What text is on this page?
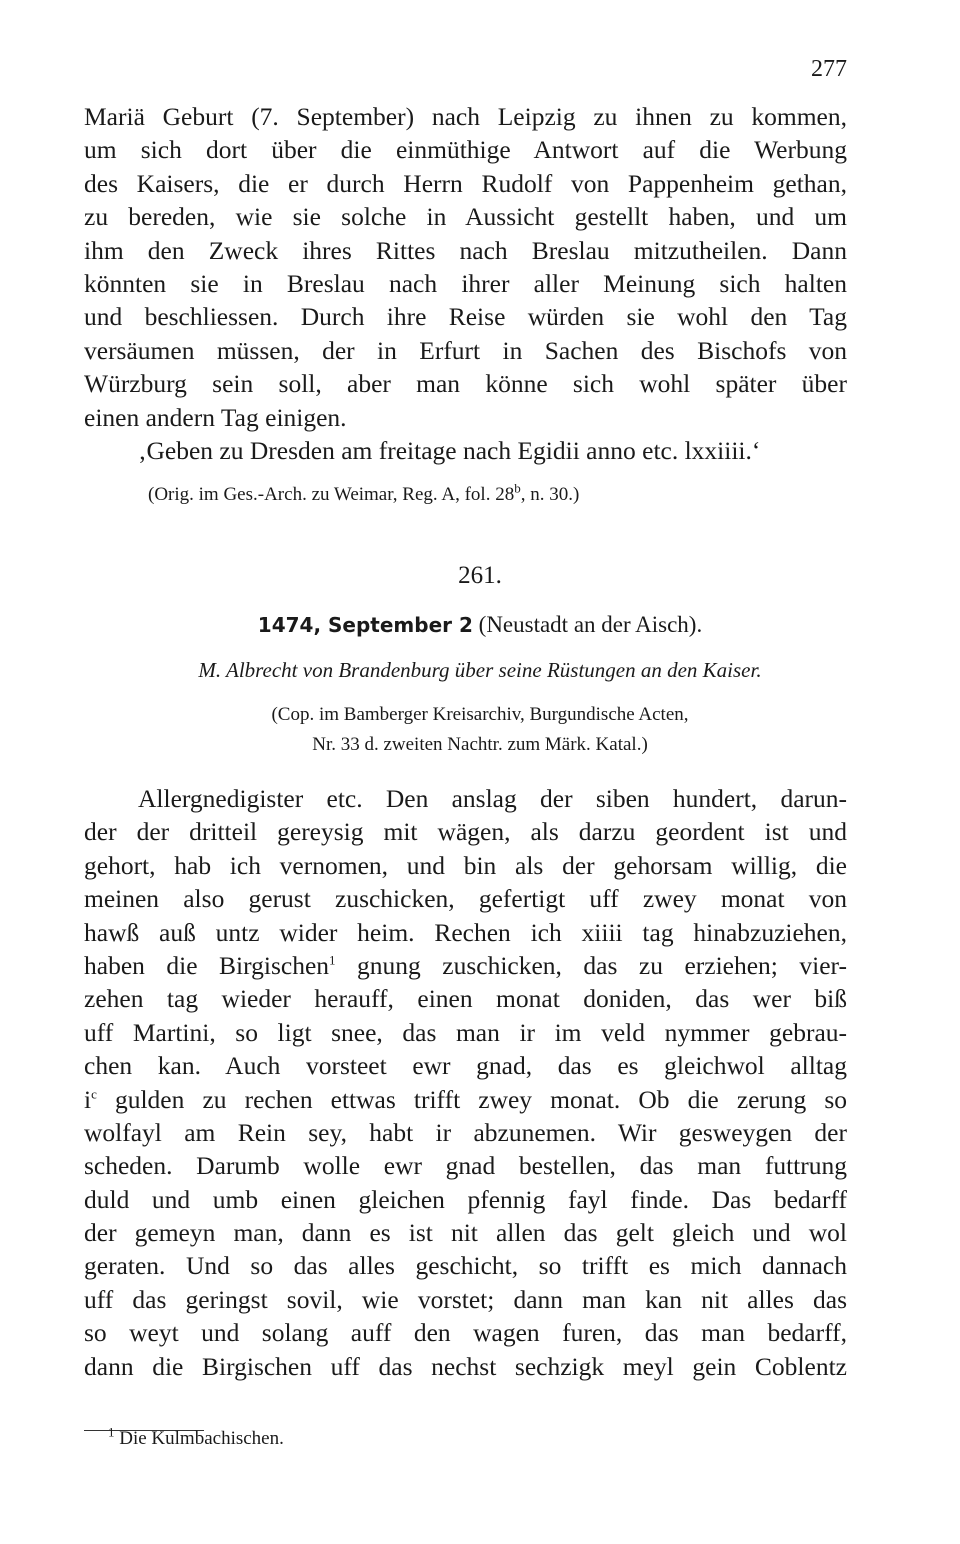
277
Mariä Geburt (7. September) nach Leipzig zu ihnen zu kommen,
um sich dort über die einmüthige Antwort auf die Werbung
des Kaisers, die er durch Herrn Rudolf von Pappenheim gethan,
zu bereden, wie sie solche in Aussicht gestellt haben, und um
ihm den Zweck ihres Rittes nach Breslau mitzutheilen. Dann
könnten sie in Breslau nach ihrer aller Meinung sich halten
und beschliessen. Durch ihre Reise würden sie wohl den Tag
versäumen müssen, der in Erfurt in Sachen des Bischofs von
Würzburg sein soll, aber man könne sich wohl später über
einen andern Tag einigen.
‚Geben zu Dresden am freitage nach Egidii anno etc. lxxiiii.‘
(Orig. im Ges.-Arch. zu Weimar, Reg. A, fol. 28$^b$, n. 30.)
261.
1474, September 2 (Neustadt an der Aisch).
M. Albrecht von Brandenburg über seine Rüstungen an den Kaiser.
(Cop. im Bamberger Kreisarchiv, Burgundische Acten,
Nr. 33 d. zweiten Nachtr. zum Märk. Katal.)
Allergnedigister etc. Den anslag der siben hundert, darun-
der der dritteil gereysig mit wägen, als darzu geordent ist und
gehort, hab ich vernomen, und bin als der gehorsam willig, die
meinen also gerust zuschicken, gefertigt uff zwey monat von
hawß auß untz wider heim. Rechen ich xiiii tag hinabzuziehen,
haben die Birgischen$^1$ gnung zuschicken, das zu erziehen; vier-
zehen tag wieder herauff, einen monat doniden, das wer biß
uff Martini, so ligt snee, das man ir im veld nymmer gebrau-
chen kan. Auch vorsteet ewr gnad, das es gleichwol alltag
$i^c$ gulden zu rechen ettwas trifft zwey monat. Ob die zerung so
wolfayl am Rein sey, habt ir abzunemen. Wir gesweygen der
scheden. Darumb wolle ewr gnad bestellen, das man futtrung
duld und umb einen gleichen pfennig fayl finde. Das bedarff
der gemeyn man, dann es ist nit allen das gelt gleich und wol
geraten. Und so das alles geschicht, so trifft es mich dannach
uff das geringst sovil, wie vorstet; dann man kan nit alles das
so weyt und solang auff den wagen furen, das man bedarff,
dann die Birgischen uff das nechst sechzigk meyl gein Coblentz
$^1$ Die Kulmbachischen.
